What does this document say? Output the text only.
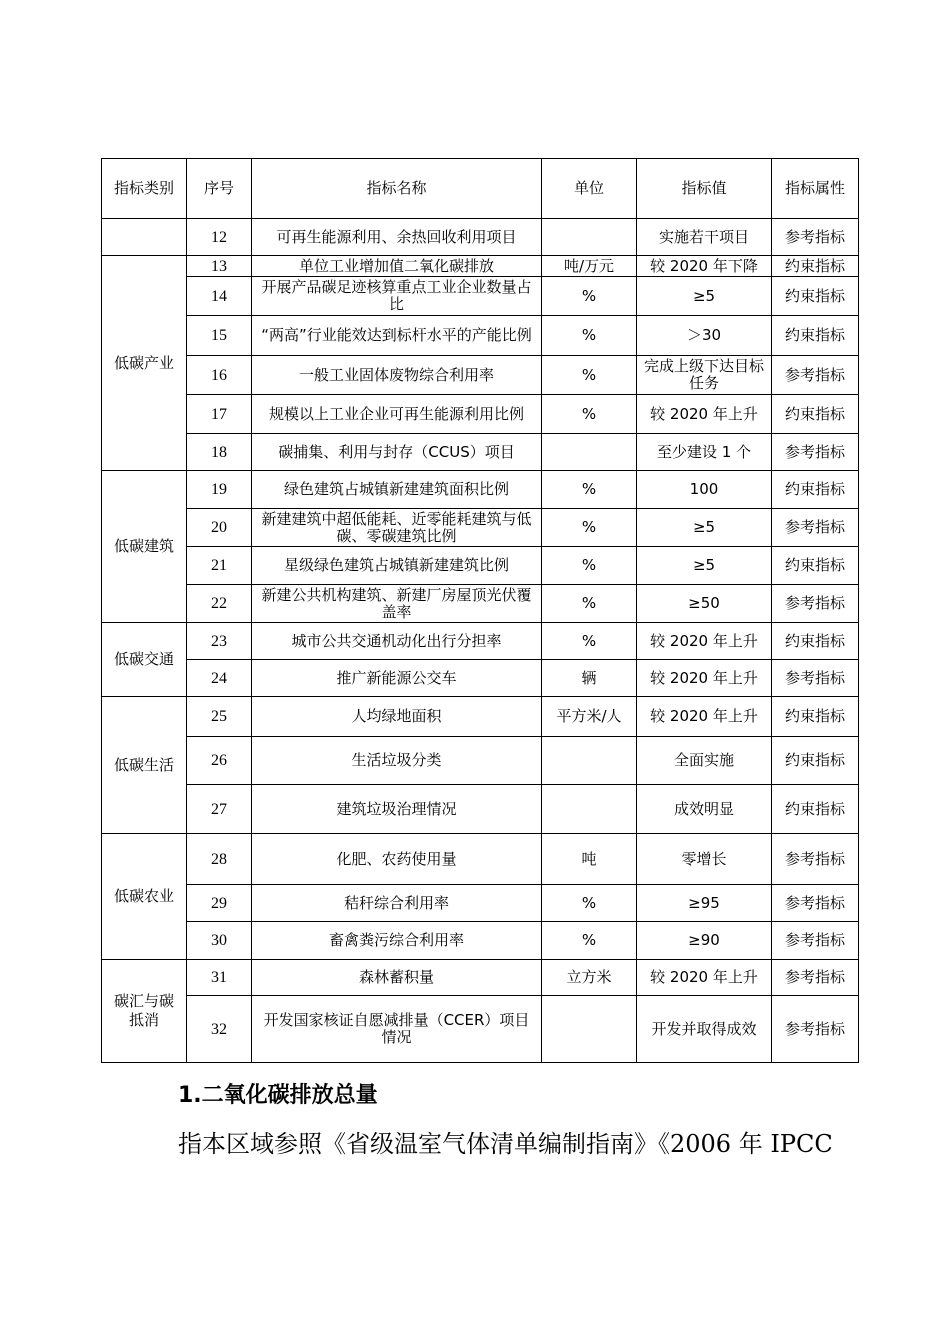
指标类别	序号	指标名称	单位	指标值	指标属性
	12	可再生能源利用、余热回收利用项目		实施若干项目	参考指标
低碳产业	13	单位工业增加值二氧化碳排放	吨/万元	较 2020 年下降	约束指标
	14	开展产品碳足迹核算重点工业企业数量占比	%	≥5	约束指标
	15	“两高”行业能效达到标杆水平的产能比例	%	＞30	约束指标
	16	一般工业固体废物综合利用率	%	完成上级下达目标任务	参考指标
	17	规模以上工业企业可再生能源利用比例	%	较 2020 年上升	约束指标
	18	碳捕集、利用与封存（CCUS）项目		至少建设 1 个	参考指标
低碳建筑	19	绿色建筑占城镇新建建筑面积比例	%	100	约束指标
	20	新建建筑中超低能耗、近零能耗建筑与低碳、零碳建筑比例	%	≥5	参考指标
	21	星级绿色建筑占城镇新建建筑比例	%	≥5	约束指标
	22	新建公共机构建筑、新建厂房屋顶光伏覆盖率	%	≥50	参考指标
低碳交通	23	城市公共交通机动化出行分担率	%	较 2020 年上升	约束指标
	24	推广新能源公交车	辆	较 2020 年上升	参考指标
低碳生活	25	人均绿地面积	平方米/人	较 2020 年上升	约束指标
	26	生活垃圾分类		全面实施	约束指标
	27	建筑垃圾治理情况		成效明显	约束指标
低碳农业	28	化肥、农药使用量	吨	零增长	参考指标
	29	秸秆综合利用率	%	≥95	参考指标
	30	畜禽粪污综合利用率	%	≥90	参考指标
碳汇与碳抵消	31	森林蓄积量	立方米	较 2020 年上升	参考指标
	32	开发国家核证自愿减排量（CCER）项目情况		开发并取得成效	参考指标
1.二氧化碳排放总量

指本区域参照《省级温室气体清单编制指南》《2006 年 IPCC
